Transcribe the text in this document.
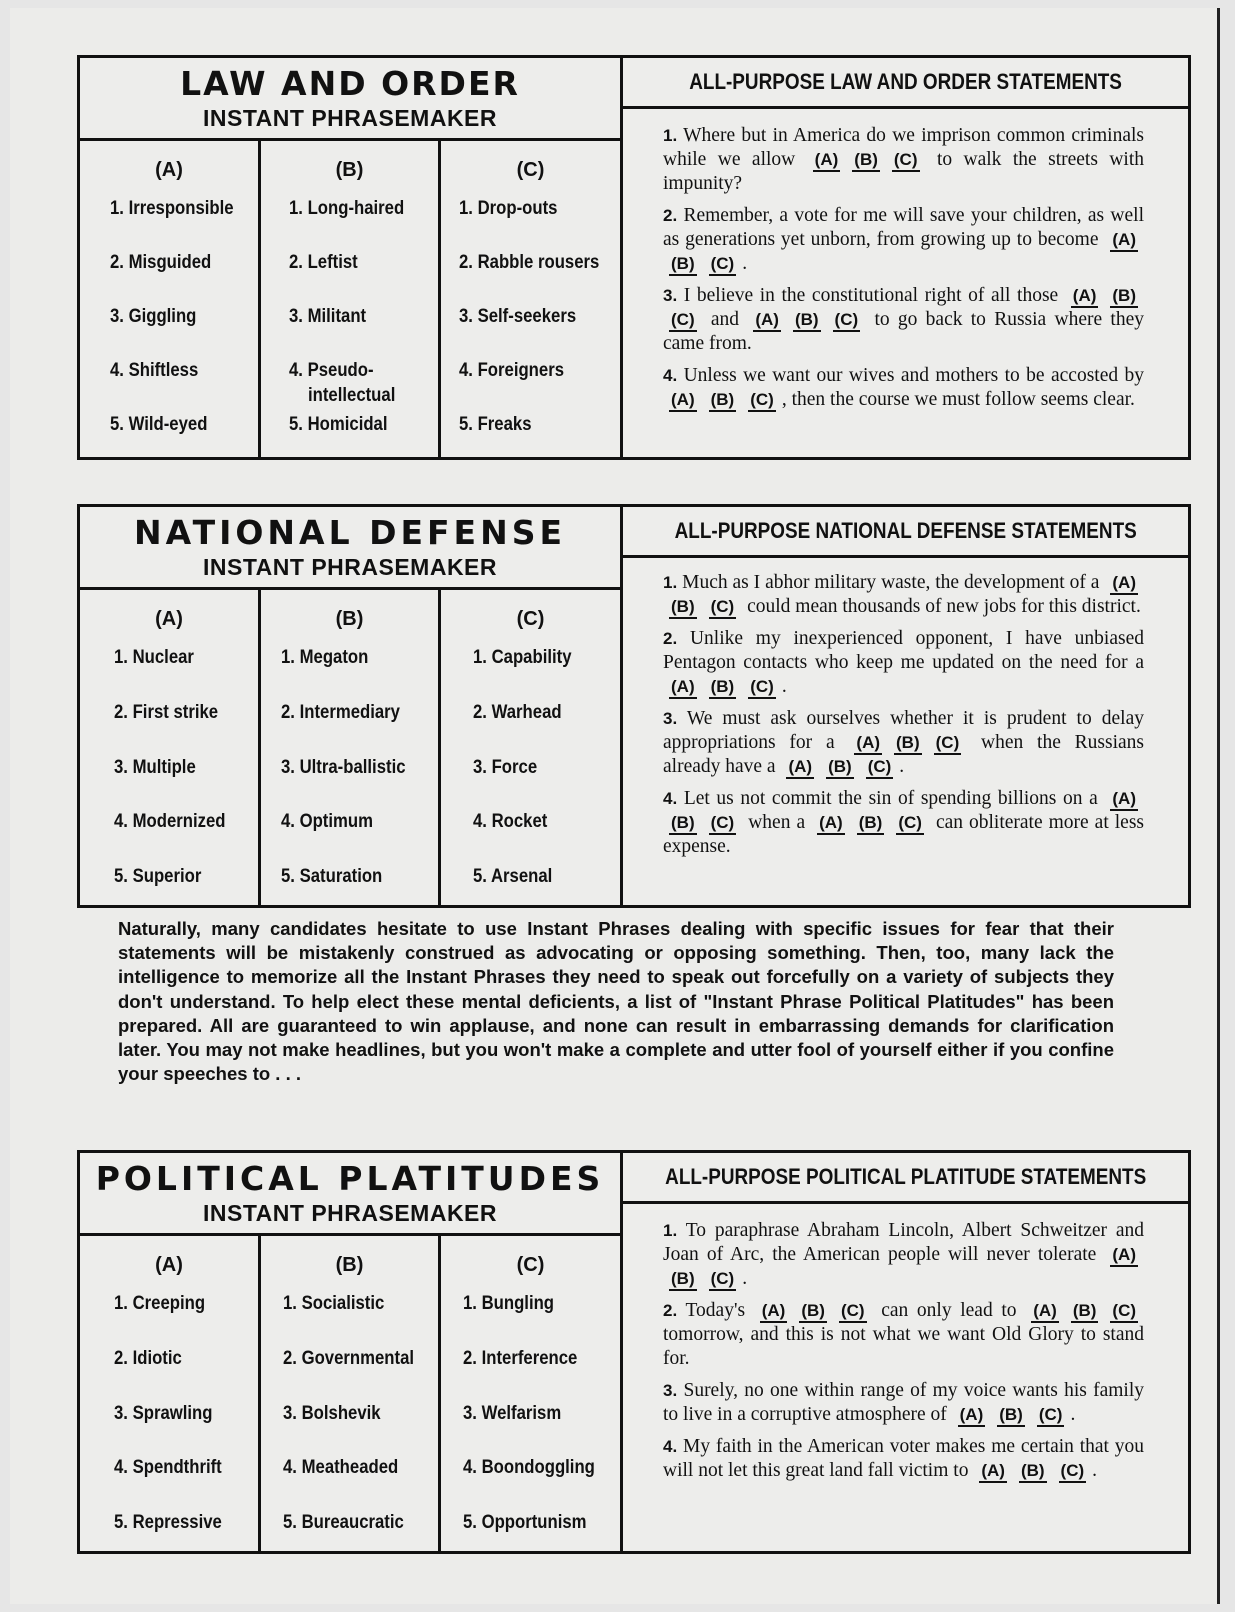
LAW AND ORDER
INSTANT PHRASEMAKER
(A)
1. Irresponsible
2. Misguided
3. Giggling
4. Shiftless
5. Wild-eyed
(B)
1. Long-haired
2. Leftist
3. Militant
4. Pseudo-
intellectual
5. Homicidal
(C)
1. Drop-outs
2. Rabble rousers
3. Self-seekers
4. Foreigners
5. Freaks
ALL-PURPOSE LAW AND ORDER STATEMENTS

1. Where but in America do we imprison common criminals while we allow (A) (B) (C) to walk the streets with impunity?

2. Remember, a vote for me will save your children, as well as generations yet unborn, from growing up to become (A)(B) (C) .

3. I believe in the constitutional right of all those (A) (B)(C) and (A) (B) (C) to go back to Russia where they came from.

4. Unless we want our wives and mothers to be accosted by (A) (B) (C) , then the course we must follow seems clear.

NATIONAL DEFENSE
INSTANT PHRASEMAKER
(A)
1. Nuclear
2. First strike
3. Multiple
4. Modernized
5. Superior
(B)
1. Megaton
2. Intermediary
3. Ultra-ballistic
4. Optimum
5. Saturation
(C)
1. Capability
2. Warhead
3. Force
4. Rocket
5. Arsenal
ALL-PURPOSE NATIONAL DEFENSE STATEMENTS

1. Much as I abhor military waste, the development of a (A)(B) (C) could mean thousands of new jobs for this district.

2. Unlike my inexperienced opponent, I have unbiased Pentagon contacts who keep me updated on the need for a (A) (B) (C) .

3. We must ask ourselves whether it is prudent to delay appropriations for a (A) (B) (C) when the Russians already have a (A) (B) (C) .

4. Let us not commit the sin of spending billions on a (A)(B) (C) when a (A) (B) (C) can obliterate more at less expense.

Naturally, many candidates hesitate to use Instant Phrases dealing with specific issues for fear that their statements will be mistakenly construed as advocating or opposing something. Then, too, many lack the intelligence to memorize all the Instant Phrases they need to speak out forcefully on a variety of subjects they don't understand. To help elect these mental deficients, a list of "Instant Phrase Political Platitudes" has been prepared. All are guaranteed to win applause, and none can result in embarrassing demands for clarification later. You may not make headlines, but you won't make a complete and utter fool of yourself either if you confine your speeches to . . .
POLITICAL PLATITUDES
INSTANT PHRASEMAKER
(A)
1. Creeping
2. Idiotic
3. Sprawling
4. Spendthrift
5. Repressive
(B)
1. Socialistic
2. Governmental
3. Bolshevik
4. Meatheaded
5. Bureaucratic
(C)
1. Bungling
2. Interference
3. Welfarism
4. Boondoggling
5. Opportunism
ALL-PURPOSE POLITICAL PLATITUDE STATEMENTS

1. To paraphrase Abraham Lincoln, Albert Schweitzer and Joan of Arc, the American people will never tolerate (A)(B) (C) .

2. Today's (A) (B) (C) can only lead to (A) (B) (C) tomorrow, and this is not what we want Old Glory to stand for.

3. Surely, no one within range of my voice wants his family to live in a corruptive atmosphere of (A) (B) (C) .

4. My faith in the American voter makes me certain that you will not let this great land fall victim to (A) (B) (C) .
